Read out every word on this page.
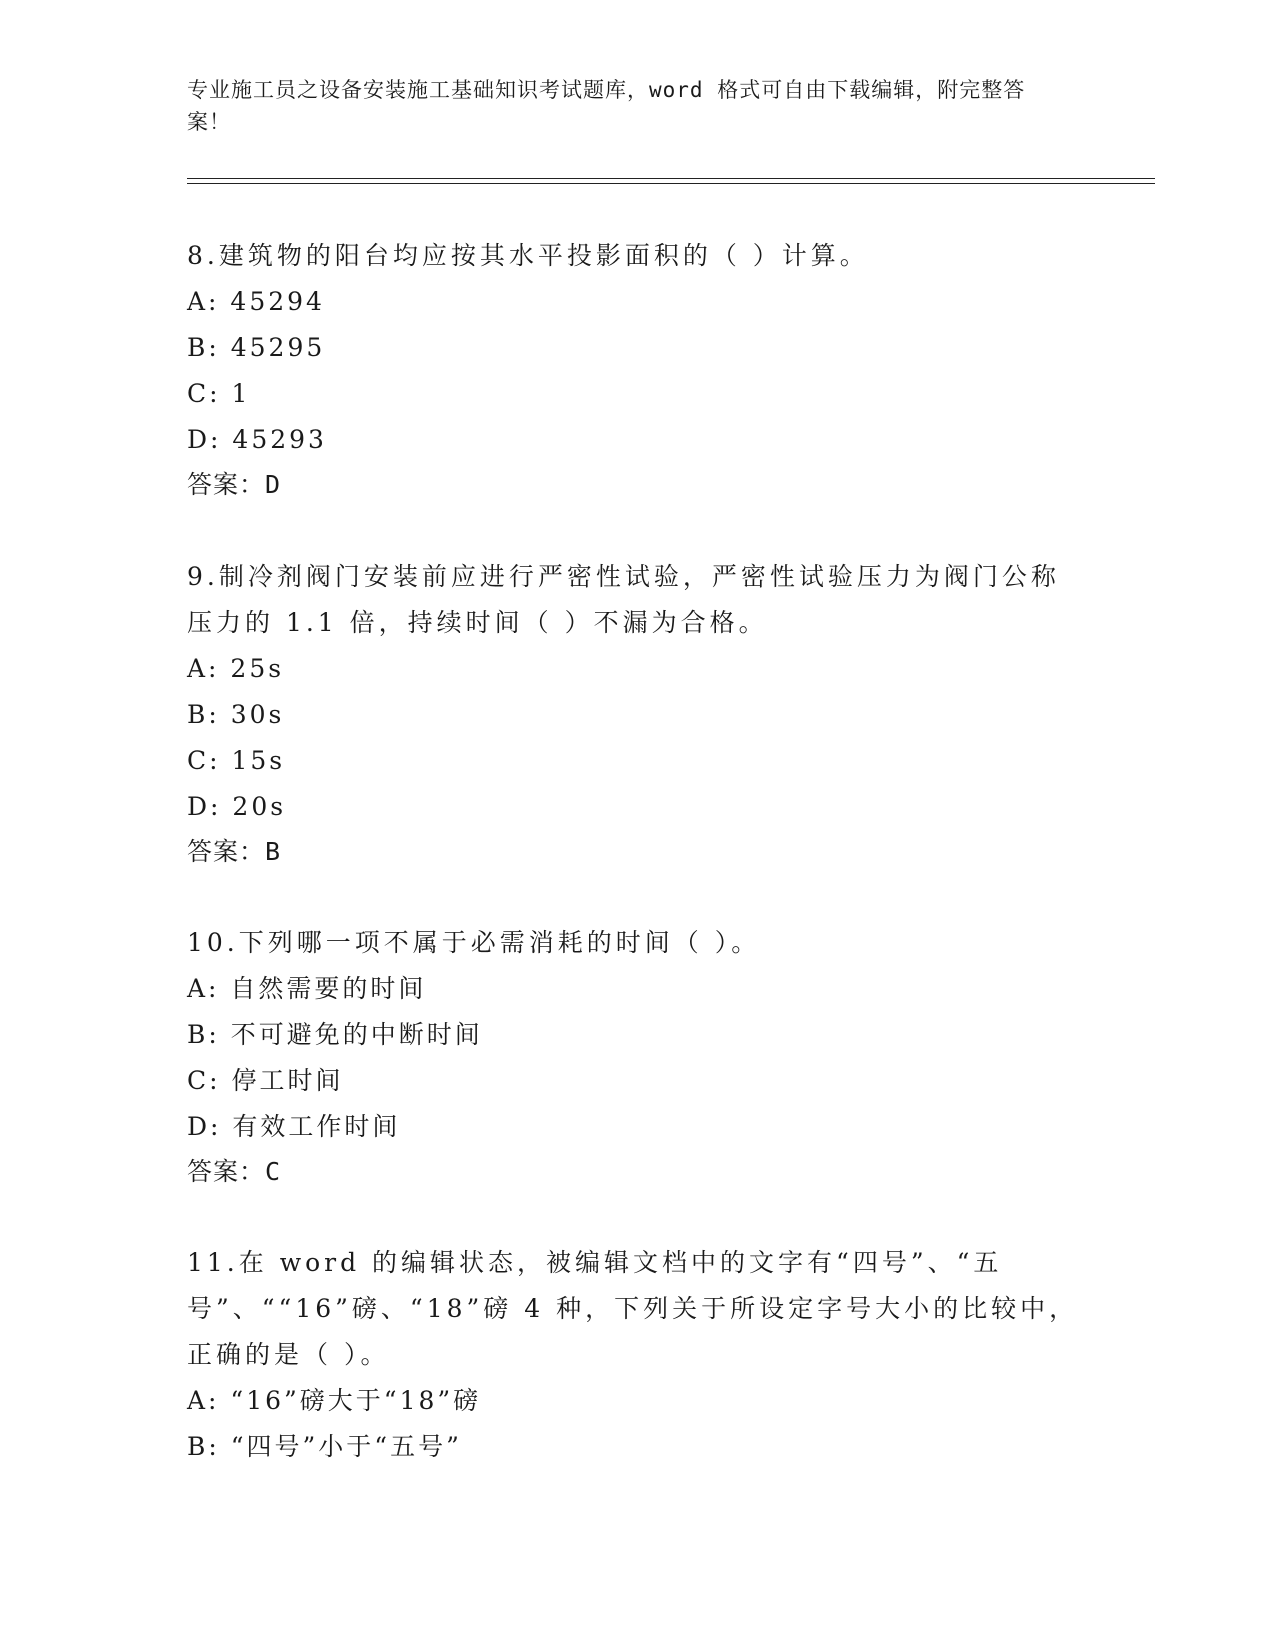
专业施工员之设备安装施工基础知识考试题库，word 格式可自由下载编辑，附完整答案！

8.建筑物的阳台均应按其水平投影面积的（ ）计算。

A: 45294

B: 45295

C: 1

D: 45293

答案：D

9.制冷剂阀门安装前应进行严密性试验，严密性试验压力为阀门公称压力的 1.1 倍，持续时间（ ）不漏为合格。

A: 25s

B: 30s

C: 15s

D: 20s

答案：B

10.下列哪一项不属于必需消耗的时间（ ）。

A: 自然需要的时间

B: 不可避免的中断时间

C: 停工时间

D: 有效工作时间

答案：C

11.在 word 的编辑状态，被编辑文档中的文字有“四号”、“五号”、““16”磅、“18”磅 4 种，下列关于所设定字号大小的比较中，正确的是（ ）。

A: “16”磅大于“18”磅

B: “四号”小于“五号”
